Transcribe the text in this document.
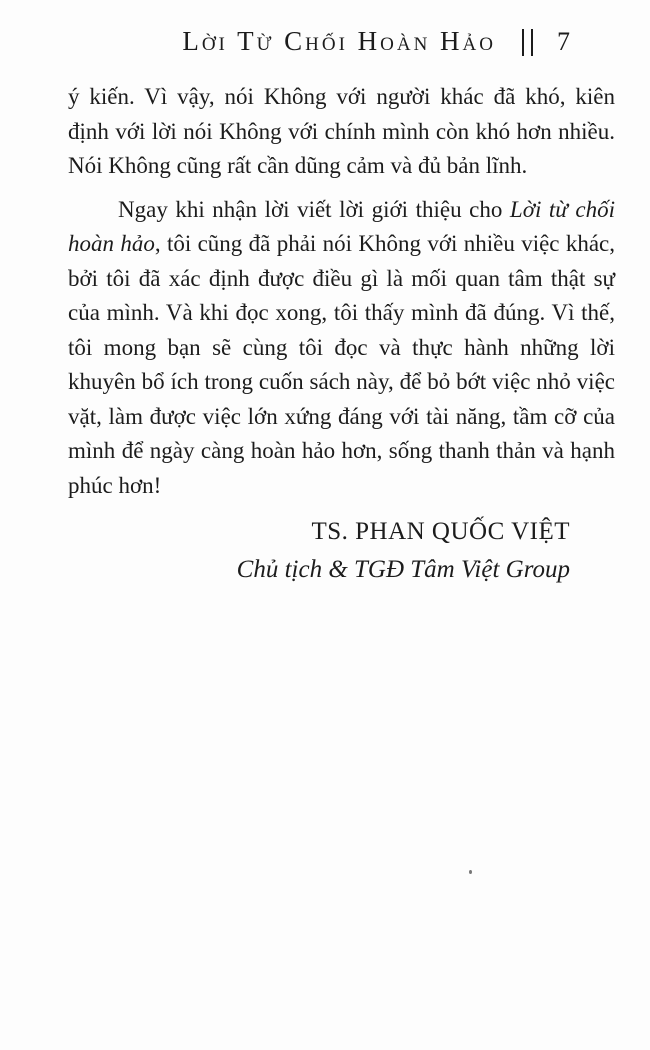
Lời Từ Chối Hoàn Hảo 7

ý kiến. Vì vậy, nói Không với người khác đã khó, kiên định với lời nói Không với chính mình còn khó hơn nhiều. Nói Không cũng rất cần dũng cảm và đủ bản lĩnh.

Ngay khi nhận lời viết lời giới thiệu cho Lời từ chối hoàn hảo, tôi cũng đã phải nói Không với nhiều việc khác, bởi tôi đã xác định được điều gì là mối quan tâm thật sự của mình. Và khi đọc xong, tôi thấy mình đã đúng. Vì thế, tôi mong bạn sẽ cùng tôi đọc và thực hành những lời khuyên bổ ích trong cuốn sách này, để bỏ bớt việc nhỏ việc vặt, làm được việc lớn xứng đáng với tài năng, tầm cỡ của mình để ngày càng hoàn hảo hơn, sống thanh thản và hạnh phúc hơn!

TS. PHAN QUỐC VIỆT
Chủ tịch & TGĐ Tâm Việt Group
